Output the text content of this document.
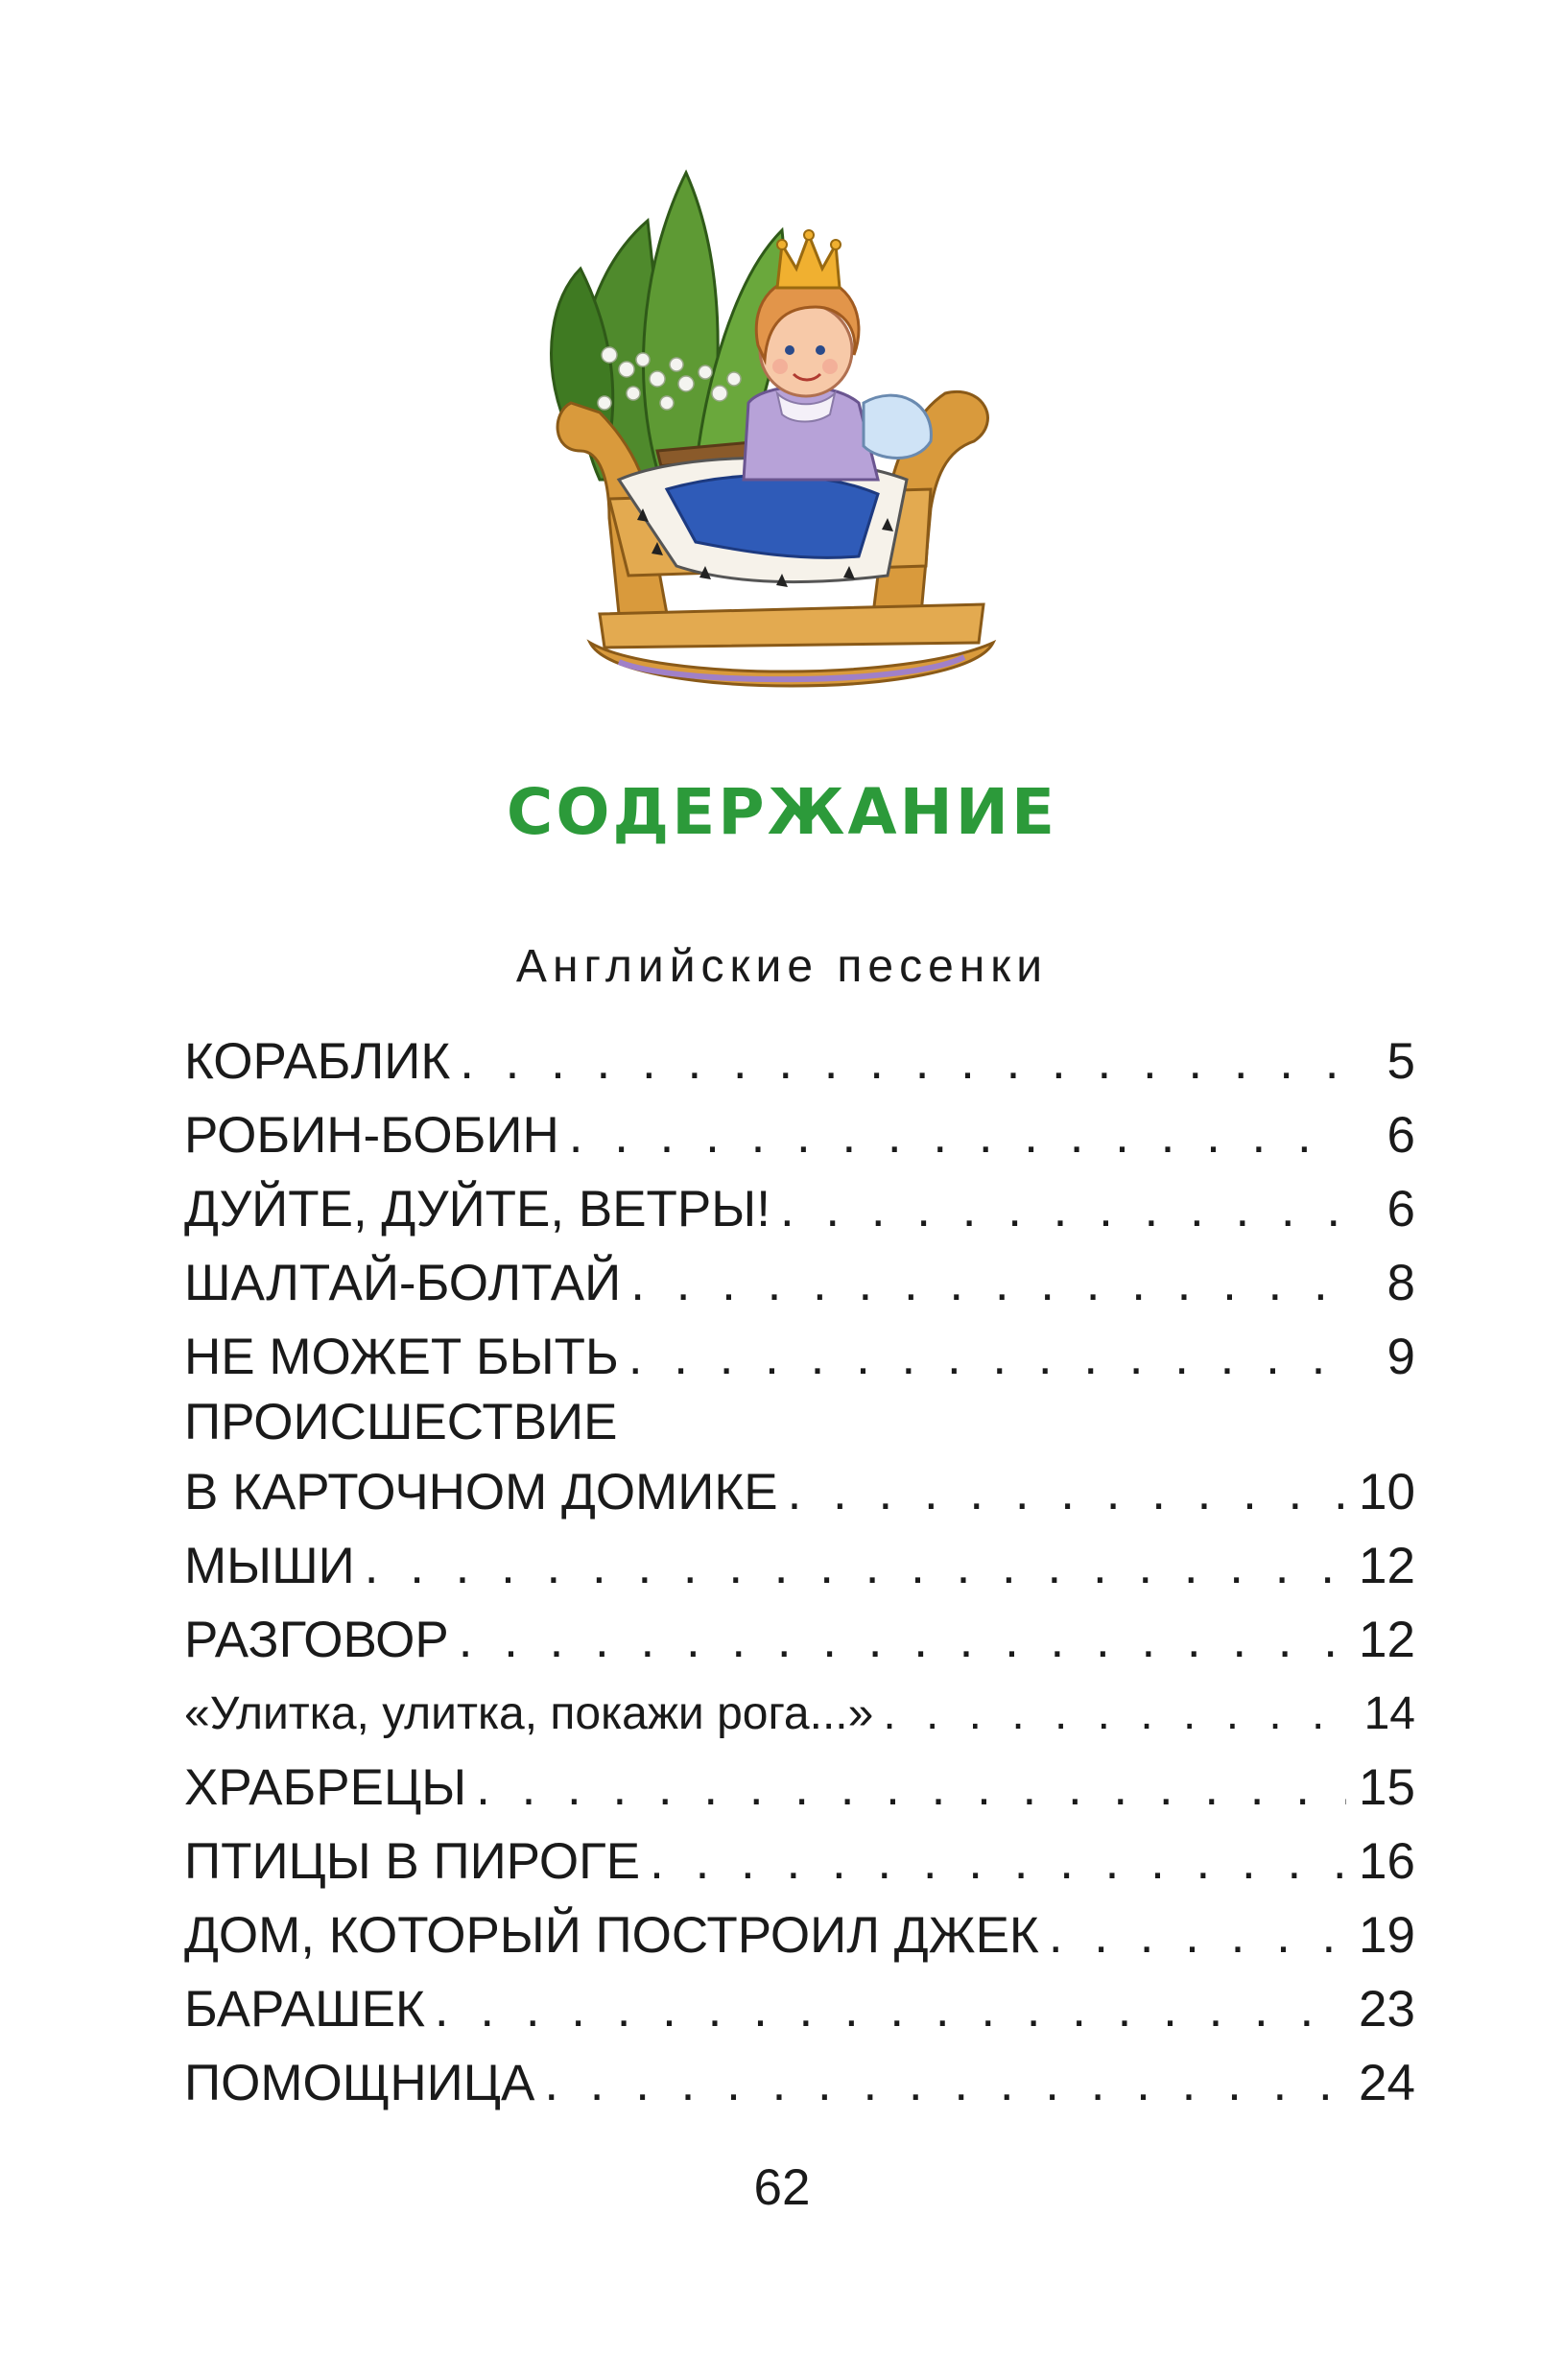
СОДЕРЖАНИЕ
Английские песенки
КОРАБЛИК . . .	5
РОБИН-БОБИН . . .	6
ДУЙТЕ, ДУЙТЕ, ВЕТРЫ! . . .	6
ШАЛТАЙ-БОЛТАЙ . . .	8
НЕ МОЖЕТ БЫТЬ . . .	9
ПРОИСШЕСТВИЕ
В КАРТОЧНОМ ДОМИКЕ . . .	10
МЫШИ . . .	12
РАЗГОВОР . . .	12
«Улитка, улитка, покажи рога...» . . .	14
ХРАБРЕЦЫ . . .	15
ПТИЦЫ В ПИРОГЕ . . .	16
ДОМ, КОТОРЫЙ ПОСТРОИЛ ДЖЕК . . .	19
БАРАШЕК . . .	23
ПОМОЩНИЦА . . .	24
62
